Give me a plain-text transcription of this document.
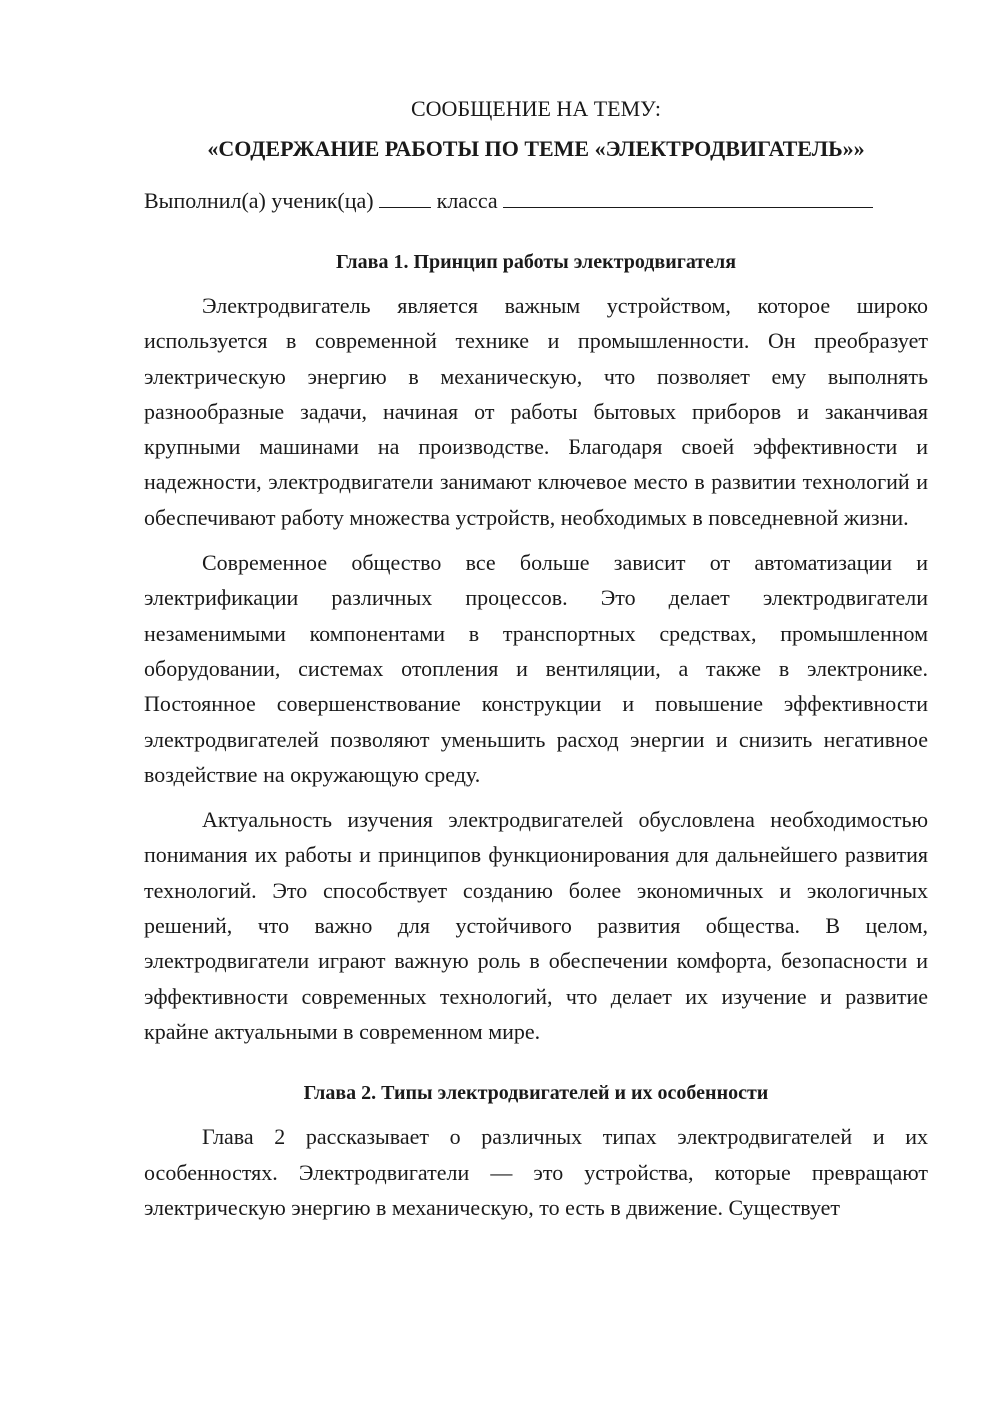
СООБЩЕНИЕ НА ТЕМУ:
«СОДЕРЖАНИЕ РАБОТЫ ПО ТЕМЕ «ЭЛЕКТРОДВИГАТЕЛЬ»»
Выполнил(а) ученик(ца)	класса
Глава 1. Принцип работы электродвигателя

Электродвигатель является важным устройством, которое широко используется в современной технике и промышленности. Он преобразует электрическую энергию в механическую, что позволяет ему выполнять разнообразные задачи, начиная от работы бытовых приборов и заканчивая крупными машинами на производстве. Благодаря своей эффективности и надежности, электродвигатели занимают ключевое место в развитии технологий и обеспечивают работу множества устройств, необходимых в повседневной жизни.

Современное общество все больше зависит от автоматизации и электрификации различных процессов. Это делает электродвигатели незаменимыми компонентами в транспортных средствах, промышленном оборудовании, системах отопления и вентиляции, а также в электронике. Постоянное совершенствование конструкции и повышение эффективности электродвигателей позволяют уменьшить расход энергии и снизить негативное воздействие на окружающую среду.

Актуальность изучения электродвигателей обусловлена необходимостью понимания их работы и принципов функционирования для дальнейшего развития технологий. Это способствует созданию более экономичных и экологичных решений, что важно для устойчивого развития общества. В целом, электродвигатели играют важную роль в обеспечении комфорта, безопасности и эффективности современных технологий, что делает их изучение и развитие крайне актуальными в современном мире.

Глава 2. Типы электродвигателей и их особенности

Глава 2 рассказывает о различных типах электродвигателей и их особенностях. Электродвигатели — это устройства, которые превращают электрическую энергию в механическую, то есть в движение. Существует
